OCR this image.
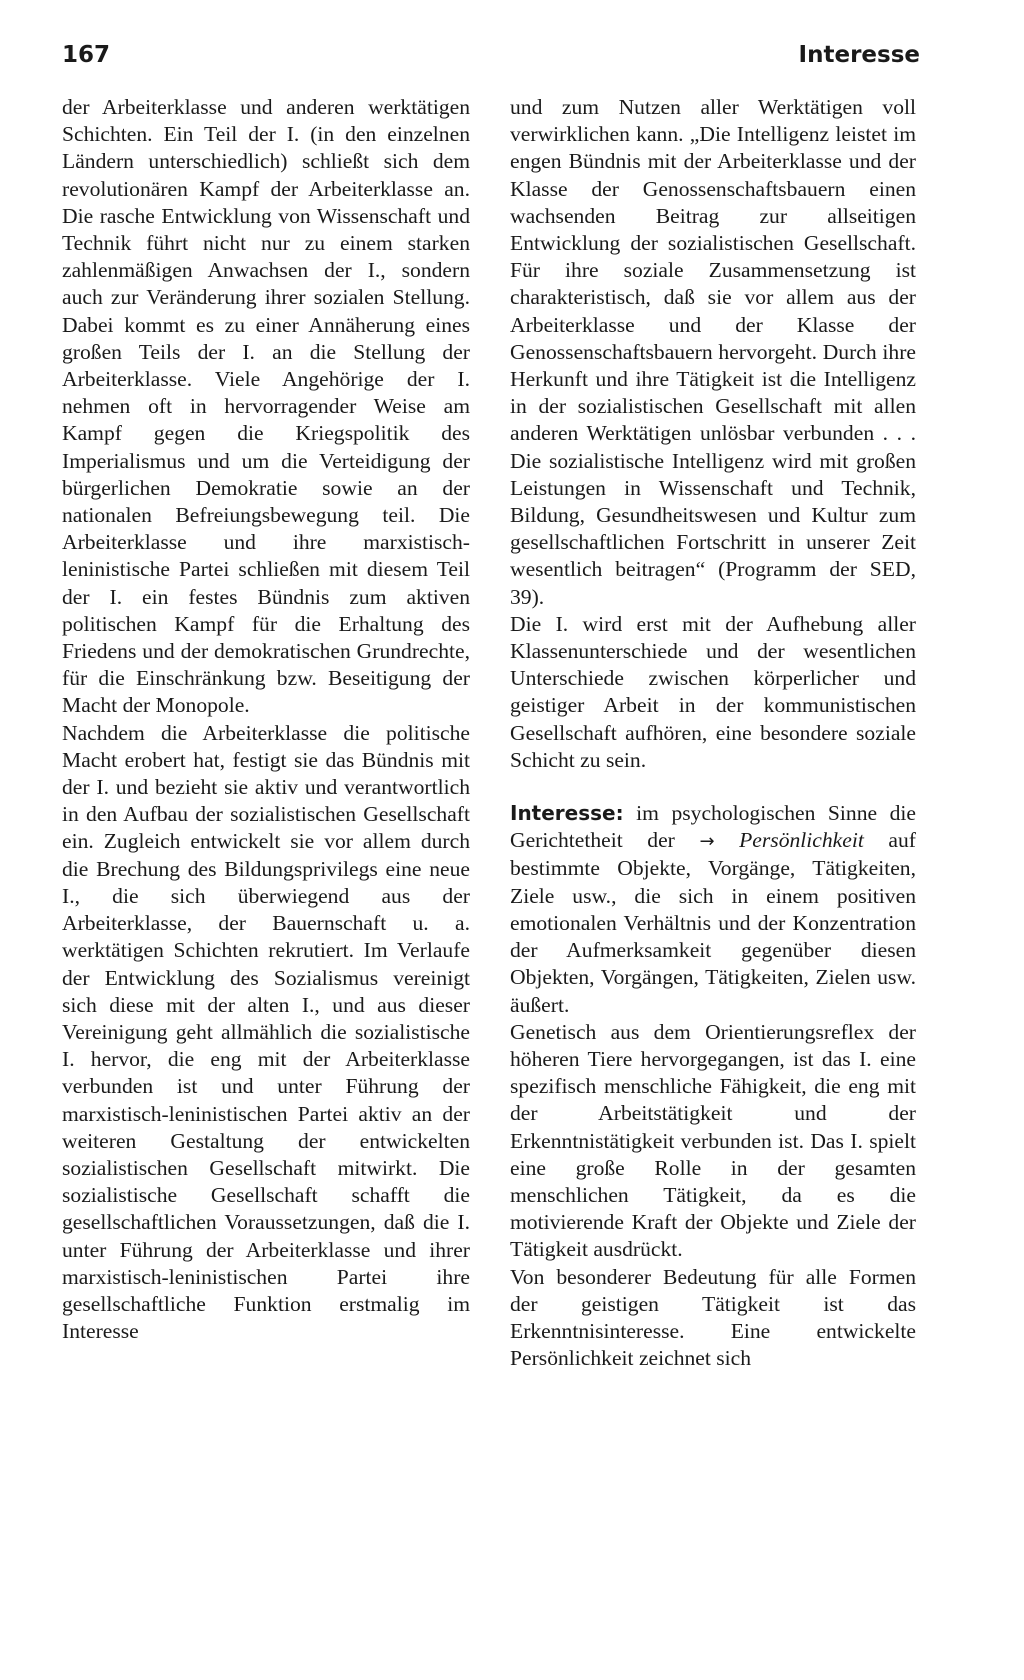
167	Interesse

der Arbeiterklasse und anderen werktätigen Schichten. Ein Teil der I. (in den einzelnen Ländern unterschiedlich) schließt sich dem revolutionären Kampf der Arbeiterklasse an. Die rasche Entwicklung von Wissenschaft und Technik führt nicht nur zu einem starken zahlenmäßigen Anwachsen der I., sondern auch zur Veränderung ihrer sozialen Stellung. Dabei kommt es zu einer Annäherung eines großen Teils der I. an die Stellung der Arbeiterklasse. Viele Angehörige der I. nehmen oft in hervorragender Weise am Kampf gegen die Kriegspolitik des Imperialismus und um die Verteidigung der bürgerlichen Demokratie sowie an der nationalen Befreiungsbewegung teil. Die Arbeiterklasse und ihre marxistisch-leninistische Partei schließen mit diesem Teil der I. ein festes Bündnis zum aktiven politischen Kampf für die Erhaltung des Friedens und der demokratischen Grundrechte, für die Einschränkung bzw. Beseitigung der Macht der Monopole.

Nachdem die Arbeiterklasse die politische Macht erobert hat, festigt sie das Bündnis mit der I. und bezieht sie aktiv und verantwortlich in den Aufbau der sozialistischen Gesellschaft ein. Zugleich entwickelt sie vor allem durch die Brechung des Bildungsprivilegs eine neue I., die sich überwiegend aus der Arbeiterklasse, der Bauernschaft u. a. werktätigen Schichten rekrutiert. Im Verlaufe der Entwicklung des Sozialismus vereinigt sich diese mit der alten I., und aus dieser Vereinigung geht allmählich die sozialistische I. hervor, die eng mit der Arbeiterklasse verbunden ist und unter Führung der marxistisch-leninistischen Partei aktiv an der weiteren Gestaltung der entwickelten sozialistischen Gesellschaft mitwirkt. Die sozialistische Gesellschaft schafft die gesellschaftlichen Voraussetzungen, daß die I. unter Führung der Arbeiterklasse und ihrer marxistisch-leninistischen Partei ihre gesellschaftliche Funktion erstmalig im Interesse

und zum Nutzen aller Werktätigen voll verwirklichen kann. „Die Intelligenz leistet im engen Bündnis mit der Arbeiterklasse und der Klasse der Genossenschaftsbauern einen wachsenden Beitrag zur allseitigen Entwicklung der sozialistischen Gesellschaft. Für ihre soziale Zusammensetzung ist charakteristisch, daß sie vor allem aus der Arbeiterklasse und der Klasse der Genossenschaftsbauern hervorgeht. Durch ihre Herkunft und ihre Tätigkeit ist die Intelligenz in der sozialistischen Gesellschaft mit allen anderen Werktätigen unlösbar verbunden . . . Die sozialistische Intelligenz wird mit großen Leistungen in Wissenschaft und Technik, Bildung, Gesundheitswesen und Kultur zum gesellschaftlichen Fortschritt in unserer Zeit wesentlich beitragen“ (Programm der SED, 39).

Die I. wird erst mit der Aufhebung aller Klassenunterschiede und der wesentlichen Unterschiede zwischen körperlicher und geistiger Arbeit in der kommunistischen Gesellschaft aufhören, eine besondere soziale Schicht zu sein.

Interesse: im psychologischen Sinne die Gerichtetheit der → Persönlichkeit auf bestimmte Objekte, Vorgänge, Tätigkeiten, Ziele usw., die sich in einem positiven emotionalen Verhältnis und der Konzentration der Aufmerksamkeit gegenüber diesen Objekten, Vorgängen, Tätigkeiten, Zielen usw. äußert.

Genetisch aus dem Orientierungsreflex der höheren Tiere hervorgegangen, ist das I. eine spezifisch menschliche Fähigkeit, die eng mit der Arbeitstätigkeit und der Erkenntnistätigkeit verbunden ist. Das I. spielt eine große Rolle in der gesamten menschlichen Tätigkeit, da es die motivierende Kraft der Objekte und Ziele der Tätigkeit ausdrückt.

Von besonderer Bedeutung für alle Formen der geistigen Tätigkeit ist das Erkenntnisinteresse. Eine entwickelte Persönlichkeit zeichnet sich
